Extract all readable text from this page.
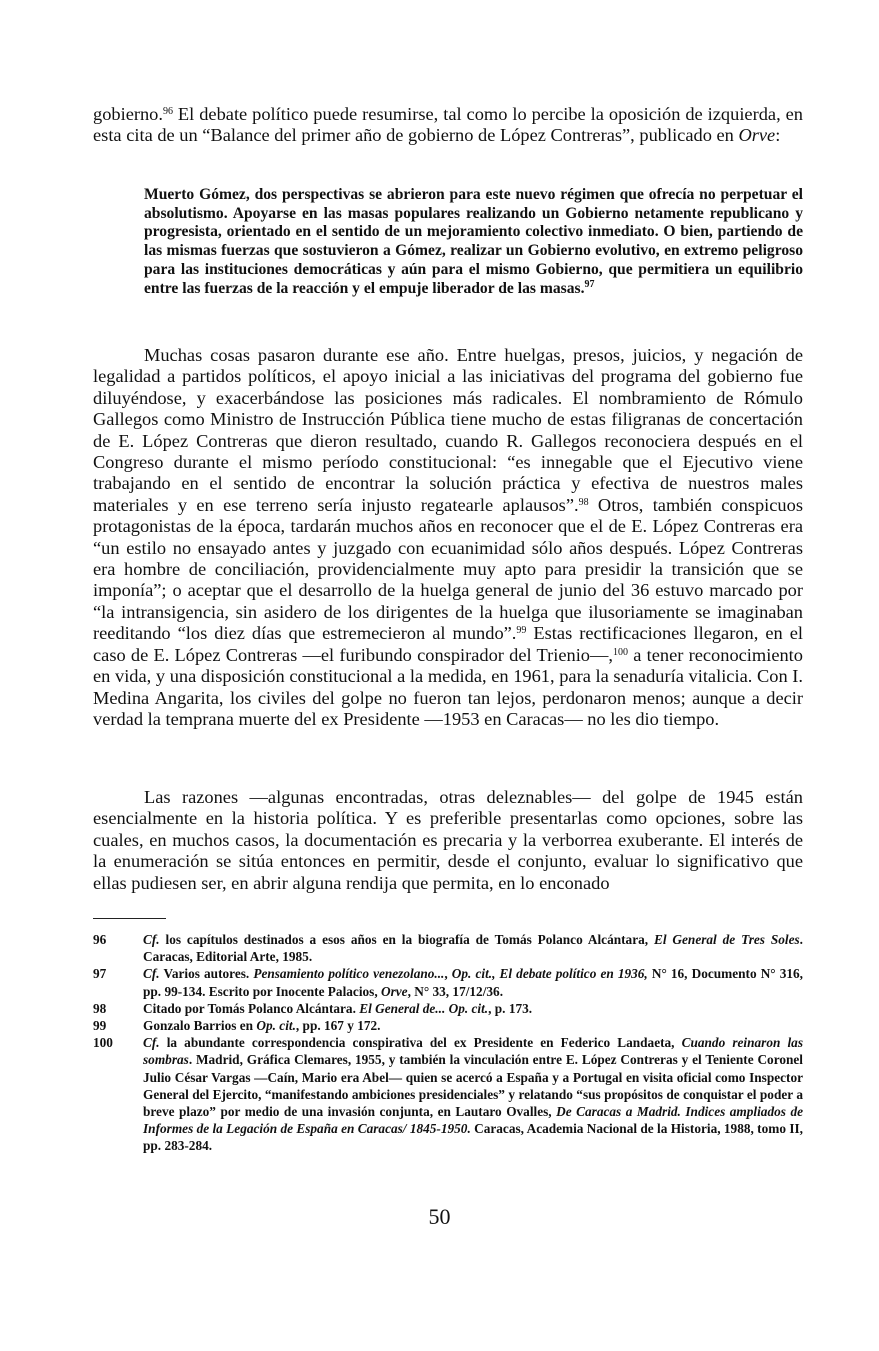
gobierno.$^{96}$ El debate político puede resumirse, tal como lo percibe la oposición de izquierda, en esta cita de un “Balance del primer año de gobierno de López Contreras”, publicado en Orve:

Muerto Gómez, dos perspectivas se abrieron para este nuevo régimen que ofrecía no perpetuar el absolutismo. Apoyarse en las masas populares realizando un Gobierno netamente republicano y progresista, orientado en el sentido de un mejoramiento colectivo inmediato. O bien, partiendo de las mismas fuerzas que sostuvieron a Gómez, realizar un Gobierno evolutivo, en extremo peligroso para las instituciones democráticas y aún para el mismo Gobierno, que permitiera un equilibrio entre las fuerzas de la reacción y el empuje liberador de las masas.$^{97}$

Muchas cosas pasaron durante ese año. Entre huelgas, presos, juicios, y negación de legalidad a partidos políticos, el apoyo inicial a las iniciativas del programa del gobierno fue diluyéndose, y exacerbándose las posiciones más radicales. El nombramiento de Rómulo Gallegos como Ministro de Instrucción Pública tiene mucho de estas filigranas de concertación de E. López Contreras que dieron resultado, cuando R. Gallegos reconociera después en el Congreso durante el mismo período constitucional: “es innegable que el Ejecutivo viene trabajando en el sentido de encontrar la solución práctica y efectiva de nuestros males materiales y en ese terreno sería injusto regatearle aplausos”.$^{98}$ Otros, también conspicuos protagonistas de la época, tardarán muchos años en reconocer que el de E. López Contreras era “un estilo no ensayado antes y juzgado con ecuanimidad sólo años después. López Contreras era hombre de conciliación, providencialmente muy apto para presidir la transición que se imponía”; o aceptar que el desarrollo de la huelga general de junio del 36 estuvo marcado por “la intransigencia, sin asidero de los dirigentes de la huelga que ilusoriamente se imaginaban reeditando “los diez días que estremecieron al mundo”.$^{99}$ Estas rectificaciones llegaron, en el caso de E. López Contreras —el furibundo conspirador del Trienio—,$^{100}$ a tener reconocimiento en vida, y una disposición constitucional a la medida, en 1961, para la senaduría vitalicia. Con I. Medina Angarita, los civiles del golpe no fueron tan lejos, perdonaron menos; aunque a decir verdad la temprana muerte del ex Presidente —1953 en Caracas— no les dio tiempo.

Las razones —algunas encontradas, otras deleznables— del golpe de 1945 están esencialmente en la historia política. Y es preferible presentarlas como opciones, sobre las cuales, en muchos casos, la documentación es precaria y la verborrea exuberante. El interés de la enumeración se sitúa entonces en permitir, desde el conjunto, evaluar lo significativo que ellas pudiesen ser, en abrir alguna rendija que permita, en lo enconado

96	Cf. los capítulos destinados a esos años en la biografía de Tomás Polanco Alcántara, El General de Tres Soles. Caracas, Editorial Arte, 1985.
97	Cf. Varios autores. Pensamiento político venezolano..., Op. cit., El debate político en 1936, N° 16, Documento N° 316, pp. 99-134. Escrito por Inocente Palacios, Orve, N° 33, 17/12/36.
98	Citado por Tomás Polanco Alcántara. El General de... Op. cit., p. 173.
99	Gonzalo Barrios en Op. cit., pp. 167 y 172.
100	Cf. la abundante correspondencia conspirativa del ex Presidente en Federico Landaeta, Cuando reinaron las sombras. Madrid, Gráfica Clemares, 1955, y también la vinculación entre E. López Contreras y el Teniente Coronel Julio César Vargas —Caín, Mario era Abel— quien se acercó a España y a Portugal en visita oficial como Inspector General del Ejercito, “manifestando ambiciones presidenciales” y relatando “sus propósitos de conquistar el poder a breve plazo” por medio de una invasión conjunta, en Lautaro Ovalles, De Caracas a Madrid. Indices ampliados de Informes de la Legación de España en Caracas/ 1845-1950. Caracas, Academia Nacional de la Historia, 1988, tomo II, pp. 283-284.
50
